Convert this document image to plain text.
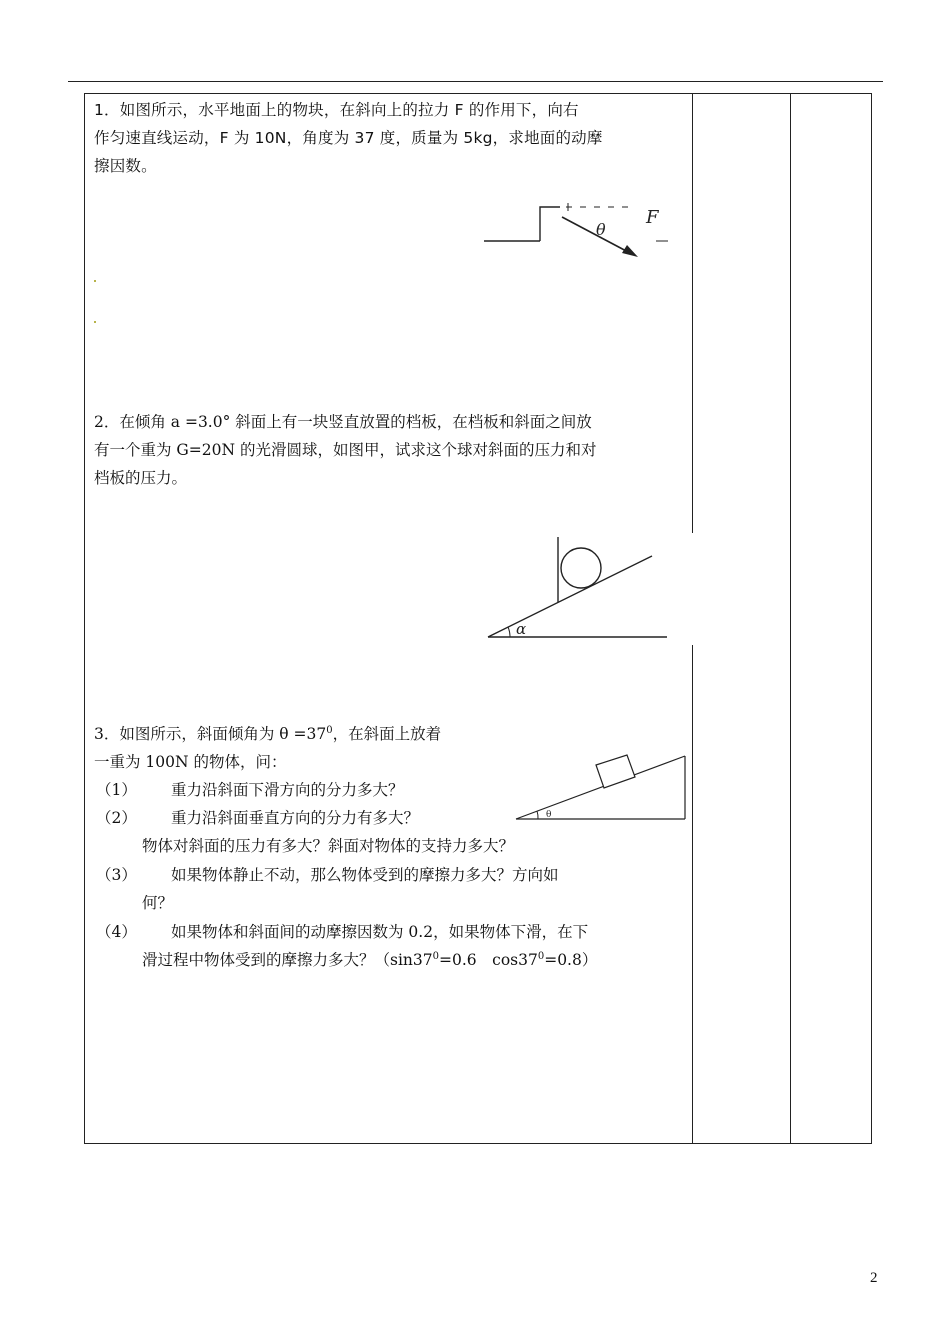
1．如图所示，水平地面上的物块，在斜向上的拉力 F 的作用下，向右
作匀速直线运动，F 为 10N，角度为 37 度，质量为 5kg，求地面的动摩
擦因数。
θ
F
2．在倾角 a =3.0° 斜面上有一块竖直放置的档板，在档板和斜面之间放
有一个重为 G=20N 的光滑圆球，如图甲，试求这个球对斜面的压力和对
档板的压力。
α
3．如图所示，斜面倾角为 $\theta =37^0$，在斜面上放着
一重为 100N 的物体，问：
θ
（1） 重力沿斜面下滑方向的分力多大？
（2） 重力沿斜面垂直方向的分力有多大？
物体对斜面的压力有多大？斜面对物体的支持力多大？
（3） 如果物体静止不动，那么物体受到的摩擦力多大？方向如
何？
（4） 如果物体和斜面间的动摩擦因数为 0.2，如果物体下滑，在下
滑过程中物体受到的摩擦力多大？（$\sin 37^0=0.6$　$\cos 37^0=0.8$）
2
